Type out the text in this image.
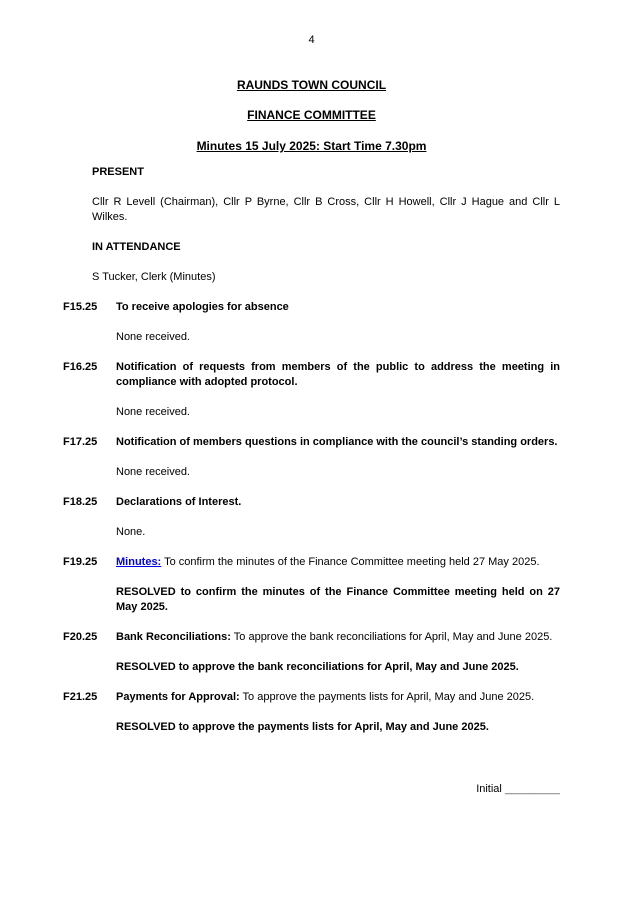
4
RAUNDS TOWN COUNCIL
FINANCE COMMITTEE
Minutes 15 July 2025: Start Time 7.30pm

PRESENT

Cllr R Levell (Chairman), Cllr P Byrne, Cllr B Cross, Cllr H Howell, Cllr J Hague and Cllr L Wilkes.

IN ATTENDANCE

S Tucker, Clerk (Minutes)

F15.25	To receive apologies for absence

None received.

F16.25	Notification of requests from members of the public to address the meeting in compliance with adopted protocol.

None received.

F17.25	Notification of members questions in compliance with the council’s standing orders.

None received.

F18.25	Declarations of Interest.

None.

F19.25	Minutes: To confirm the minutes of the Finance Committee meeting held 27 May 2025.

RESOLVED to confirm the minutes of the Finance Committee meeting held on 27 May 2025.

F20.25	Bank Reconciliations: To approve the bank reconciliations for April, May and June 2025.

RESOLVED to approve the bank reconciliations for April, May and June 2025.

F21.25	Payments for Approval: To approve the payments lists for April, May and June 2025.

RESOLVED to approve the payments lists for April, May and June 2025.

Initial _________
